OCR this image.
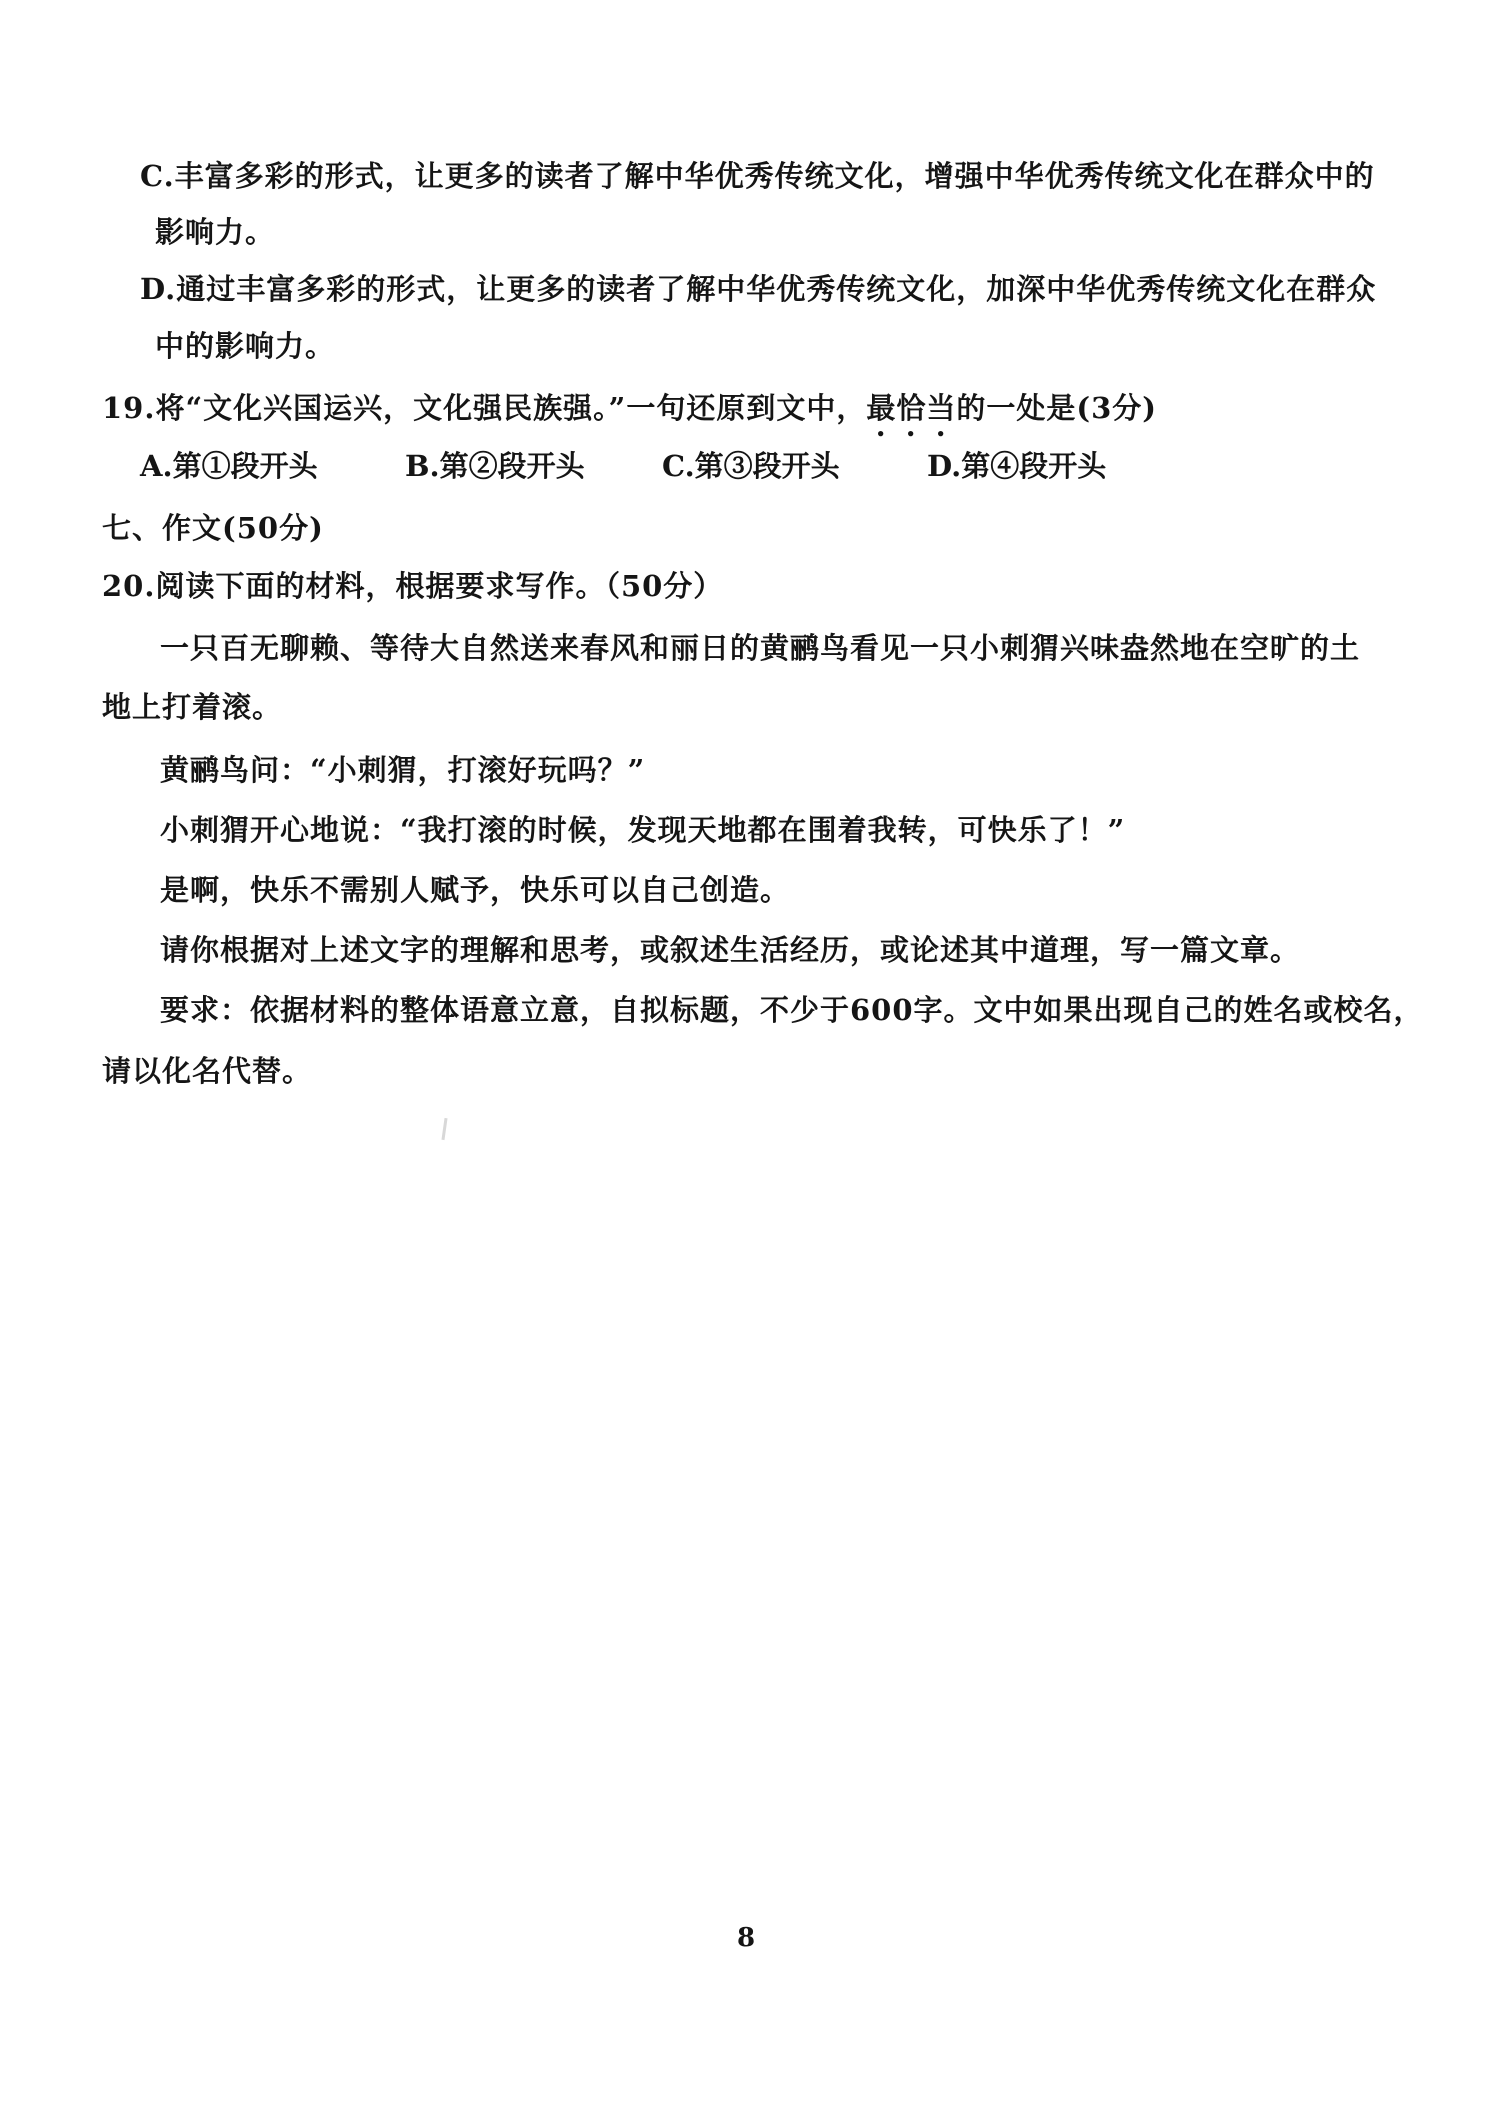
C.丰富多彩的形式，让更多的读者了解中华优秀传统文化，增强中华优秀传统文化在群众中的
影响力。
D.通过丰富多彩的形式，让更多的读者了解中华优秀传统文化，加深中华优秀传统文化在群众
中的影响力。
19.将“文化兴国运兴，文化强民族强。”一句还原到文中，最恰当的一处是(3分)
A.第①段开头	B.第②段开头	C.第③段开头	D.第④段开头
七、作文(50分)
20.阅读下面的材料，根据要求写作。（50分）
一只百无聊赖、等待大自然送来春风和丽日的黄鹂鸟看见一只小刺猬兴味盎然地在空旷的土
地上打着滚。
黄鹂鸟问：“小刺猬，打滚好玩吗？”
小刺猬开心地说：“我打滚的时候，发现天地都在围着我转，可快乐了！”
是啊，快乐不需别人赋予，快乐可以自己创造。
请你根据对上述文字的理解和思考，或叙述生活经历，或论述其中道理，写一篇文章。
要求：依据材料的整体语意立意，自拟标题，不少于600字。文中如果出现自己的姓名或校名，
请以化名代替。
8
